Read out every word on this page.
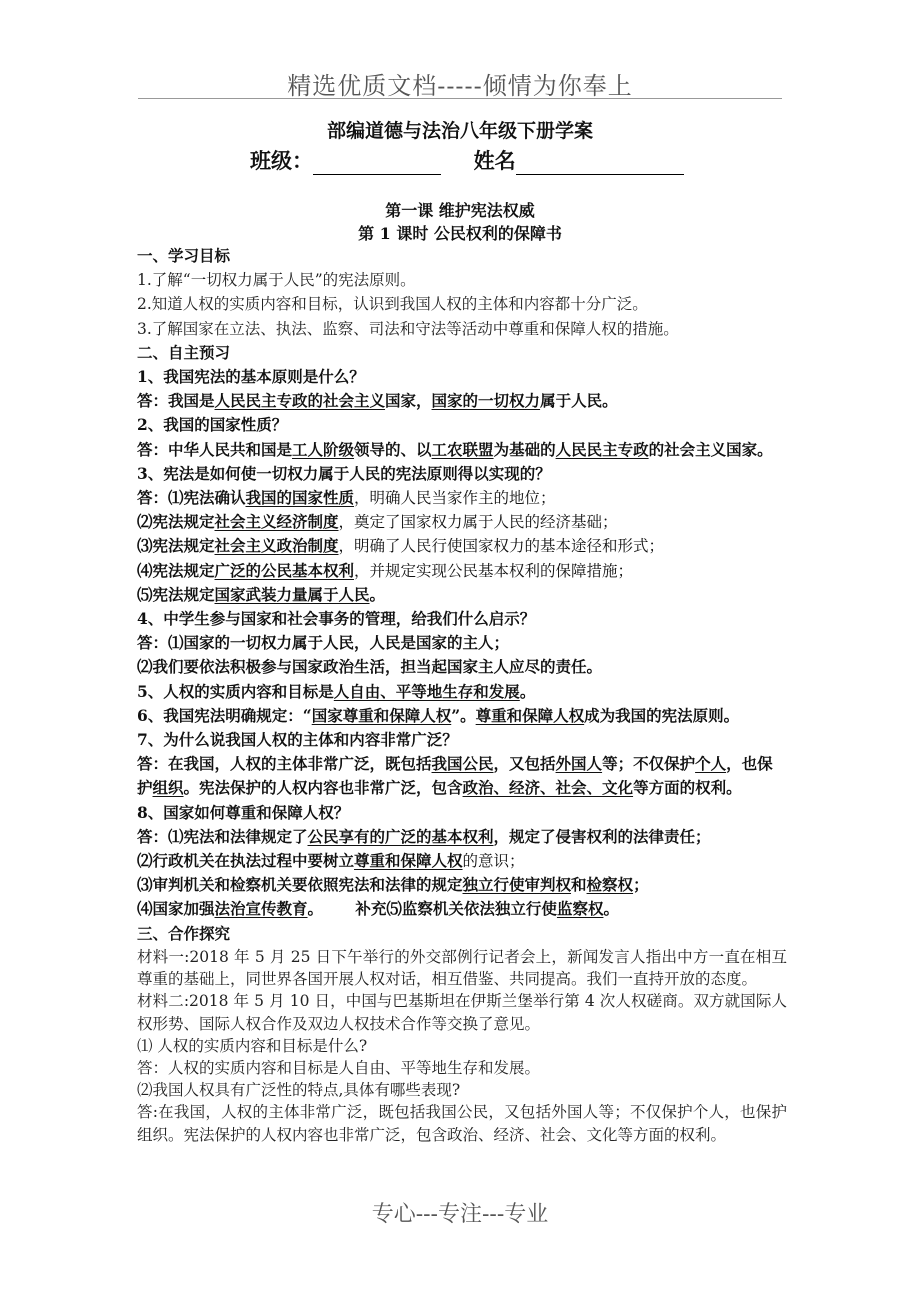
精选优质文档-----倾情为你奉上
部编道德与法治八年级下册学案
班级：	姓名
第一课 维护宪法权威
第 1 课时 公民权利的保障书
一、学习目标
1.了解“一切权力属于人民”的宪法原则。
2.知道人权的实质内容和目标，认识到我国人权的主体和内容都十分广泛。
3.了解国家在立法、执法、监察、司法和守法等活动中尊重和保障人权的措施。
二、自主预习
1、我国宪法的基本原则是什么？
答：我国是人民民主专政的社会主义国家，国家的一切权力属于人民。
2、我国的国家性质？
答：中华人民共和国是工人阶级领导的、以工农联盟为基础的人民民主专政的社会主义国家。
3、宪法是如何使一切权力属于人民的宪法原则得以实现的？
答：⑴宪法确认我国的国家性质，明确人民当家作主的地位；
⑵宪法规定社会主义经济制度，奠定了国家权力属于人民的经济基础；
⑶宪法规定社会主义政治制度，明确了人民行使国家权力的基本途径和形式；
⑷宪法规定广泛的公民基本权利，并规定实现公民基本权利的保障措施；
⑸宪法规定国家武装力量属于人民。
4、中学生参与国家和社会事务的管理，给我们什么启示？
答：⑴国家的一切权力属于人民，人民是国家的主人；
⑵我们要依法积极参与国家政治生活，担当起国家主人应尽的责任。
5、人权的实质内容和目标是人自由、平等地生存和发展。
6、我国宪法明确规定：“国家尊重和保障人权”。尊重和保障人权成为我国的宪法原则。
7、为什么说我国人权的主体和内容非常广泛？
答：在我国，人权的主体非常广泛，既包括我国公民，又包括外国人等；不仅保护个人，也保护组织。宪法保护的人权内容也非常广泛，包含政治、经济、社会、文化等方面的权利。
8、国家如何尊重和保障人权？
答：⑴宪法和法律规定了公民享有的广泛的基本权利，规定了侵害权利的法律责任；
⑵行政机关在执法过程中要树立尊重和保障人权的意识；
⑶审判机关和检察机关要依照宪法和法律的规定独立行使审判权和检察权；
⑷国家加强法治宣传教育。      补充⑸监察机关依法独立行使监察权。
三、合作探究
材料一:2018 年 5 月 25 日下午举行的外交部例行记者会上，新闻发言人指出中方一直在相互尊重的基础上，同世界各国开展人权对话，相互借鉴、共同提高。我们一直持开放的态度。
材料二:2018 年 5 月 10 日，中国与巴基斯坦在伊斯兰堡举行第 4 次人权磋商。双方就国际人权形势、国际人权合作及双边人权技术合作等交换了意见。
⑴ 人权的实质内容和目标是什么?
答：人权的实质内容和目标是人自由、平等地生存和发展。
⑵我国人权具有广泛性的特点,具体有哪些表现?
答:在我国，人权的主体非常广泛，既包括我国公民，又包括外国人等；不仅保护个人，也保护组织。宪法保护的人权内容也非常广泛，包含政治、经济、社会、文化等方面的权利。
专心---专注---专业
